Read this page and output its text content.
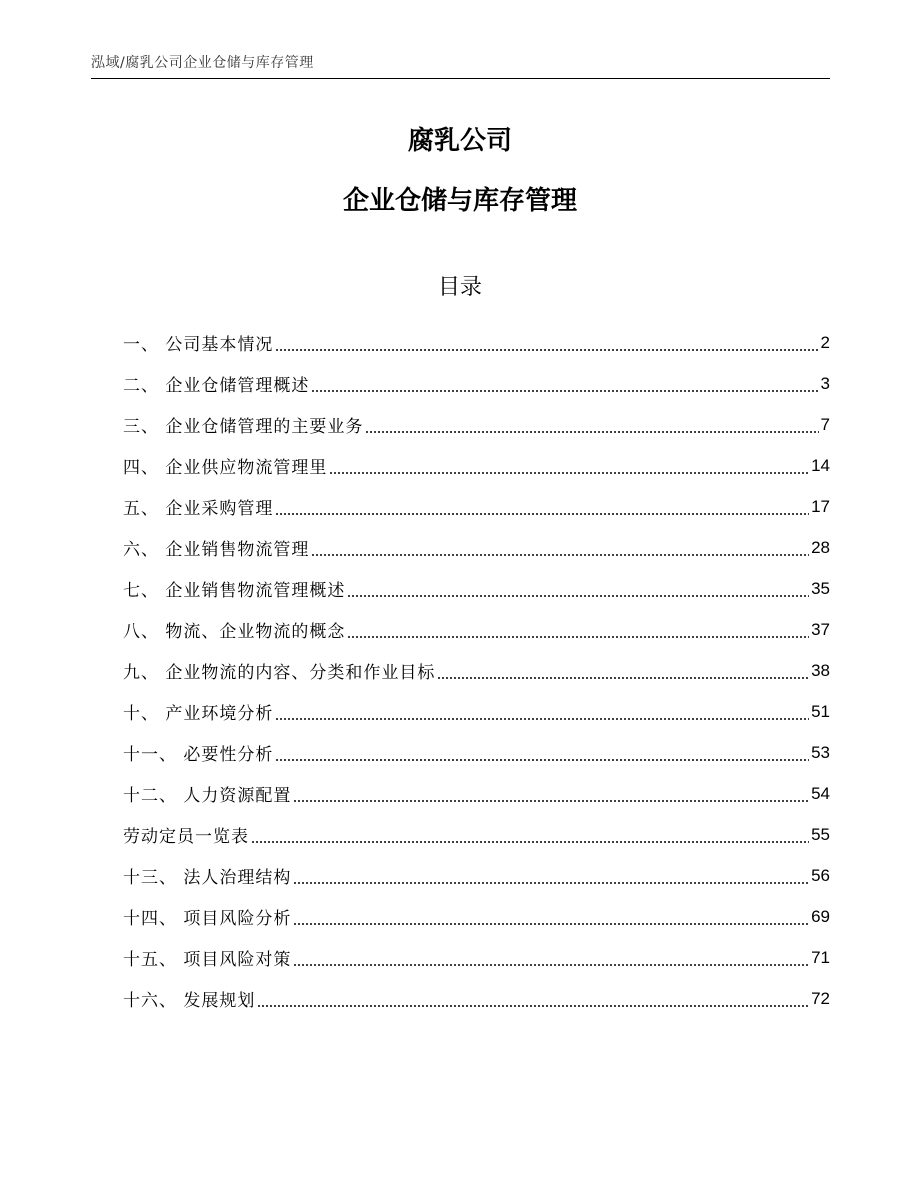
泓域/腐乳公司企业仓储与库存管理
腐乳公司
企业仓储与库存管理
目录
一、 公司基本情况	2
二、 企业仓储管理概述	3
三、 企业仓储管理的主要业务	7
四、 企业供应物流管理里	14
五、 企业采购管理	17
六、 企业销售物流管理	28
七、 企业销售物流管理概述	35
八、 物流、企业物流的概念	37
九、 企业物流的内容、分类和作业目标	38
十、 产业环境分析	51
十一、 必要性分析	53
十二、 人力资源配置	54
劳动定员一览表	55
十三、 法人治理结构	56
十四、 项目风险分析	69
十五、 项目风险对策	71
十六、 发展规划	72
